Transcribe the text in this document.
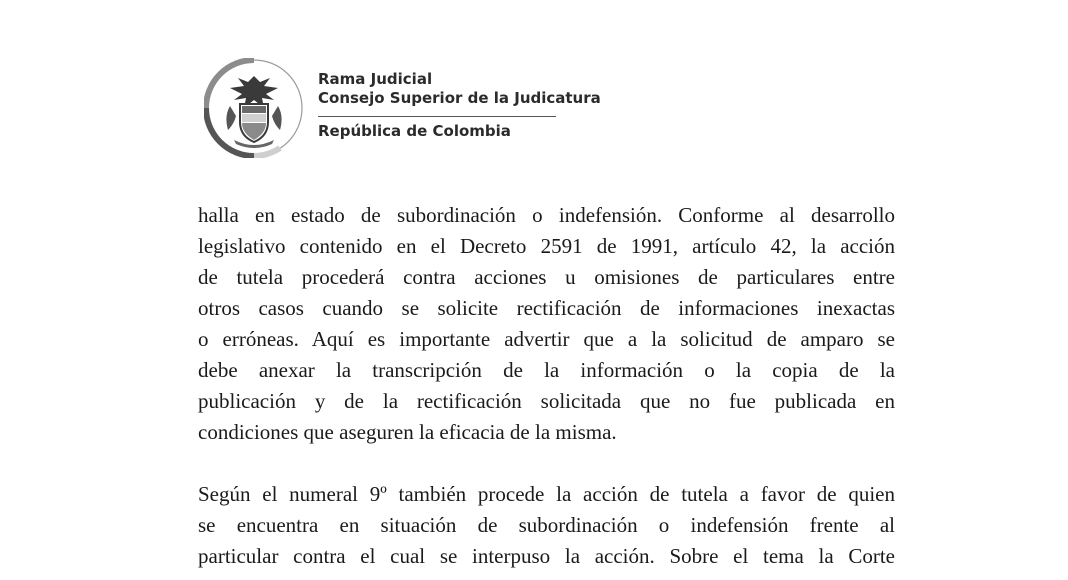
Rama Judicial
Consejo Superior de la Judicatura
República de Colombia

halla en estado de subordinación o indefensión. Conforme al desarrollo
legislativo contenido en el Decreto 2591 de 1991, artículo 42, la acción
de tutela procederá contra acciones u omisiones de particulares entre
otros casos cuando se solicite rectificación de informaciones inexactas
o erróneas. Aquí es importante advertir que a la solicitud de amparo se
debe anexar la transcripción de la información o la copia de la
publicación y de la rectificación solicitada que no fue publicada en
condiciones que aseguren la eficacia de la misma.

Según el numeral 9º también procede la acción de tutela a favor de quien
se encuentra en situación de subordinación o indefensión frente al
particular contra el cual se interpuso la acción. Sobre el tema la Corte
